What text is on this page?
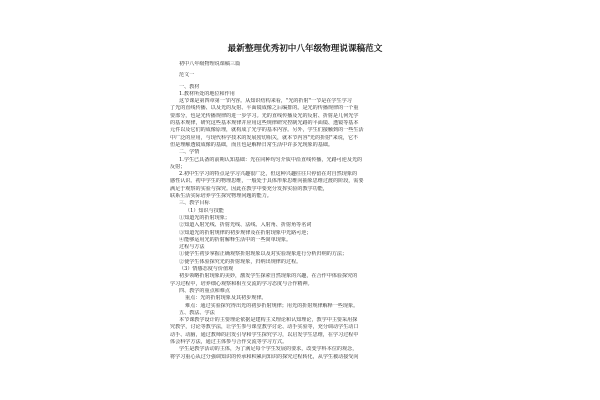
最新整理优秀初中八年级物理说课稿范文
初中八年级物理说课稿三篇
范文一
一、教材
1.教材所处的地位和作用
这节课是第四章第一节内容。从知识结构来看，"光的折射"一节是在学生学习
了光的直线传播、以及光的反射、平面镜成像之后编排的。是光的传播规律的一个重
要部分，也是光传播规律的进一步学习。光的直线传播及光的反射、折射是几何光学
的基本规律，研究这些基本规律并应用这些规律研究控制光路的平面镜、透镜等基本
元件以及它们的成像原理，就构成了光学的基本内容。另外，学生们接触到的一些生活
中广泛的应用，与现代科学技术的发展密切相关，就本节内容"光的折射"来说，它不
但是理解透镜成像的基础，而且也是解释日常生活中许多光现象的基础。
二、学情
1.学生已具备的前期认知基础：光在同种均匀介质中沿直线传播，光路可逆及光的
反射；
2.初中生学习的特点是学习兴趣很广泛，但这种兴趣往往只停留在对自然现象的
感性认识。初中学生的物理思维，一般处于具体形象思维向抽象思维过渡的阶段，需要
满足于观察的实验与探究。因此在教学中要充分发挥实验的教学功能，
联系生活实际培养学生探究物理问题的能力。
三、教学目标
（1）知识与技能
①知道光的折射现象；
②知道入射光线、折射光线、法线、入射角、折射角等名词
③知道光的折射规律的初步规律及在折射现象中光路可逆；
④能够运用光的折射解释生活中的一些简单现象。
过程与方法
①使学生初步掌握正确观察折射现象以及对实验现象进行分析归纳的方法；
②使学生体验探究光的折射现象，归纳出规律的过程。
（3）情感态度与价值观
初步领略折射现象的美妙，激发学生探索自然现象的兴趣，在合作中体验探究的
学习过程中，培养细心观察和相互交流的学习态度与合作精神。
四、教学的重点和难点
重点：光的折射现象及其初步规律。
难点：通过实验探究得出光的初步折射规律；用光的折射规律解释一些现象。
五、教法、学法
本节课教学设计的主要理论依据是建构主义理论和认知理论，教学中主要采用探
究教学，讨论等教学法，让学生参与课堂教学讨论、动手实验等，充分调动学生动口
动手、动脑，通过教师的启发引导和学生探究学习，以启发学生思维，在学习过程中
体会科学方法，通过主体参与合作交流等学习方式。
学生是教学活动的主体，为了满足每个学生发展的要求，改变学科本位的观念，
将学习重心从过分强调知识的传承和积累向知识的探究过程转化，从学生被动接受向
